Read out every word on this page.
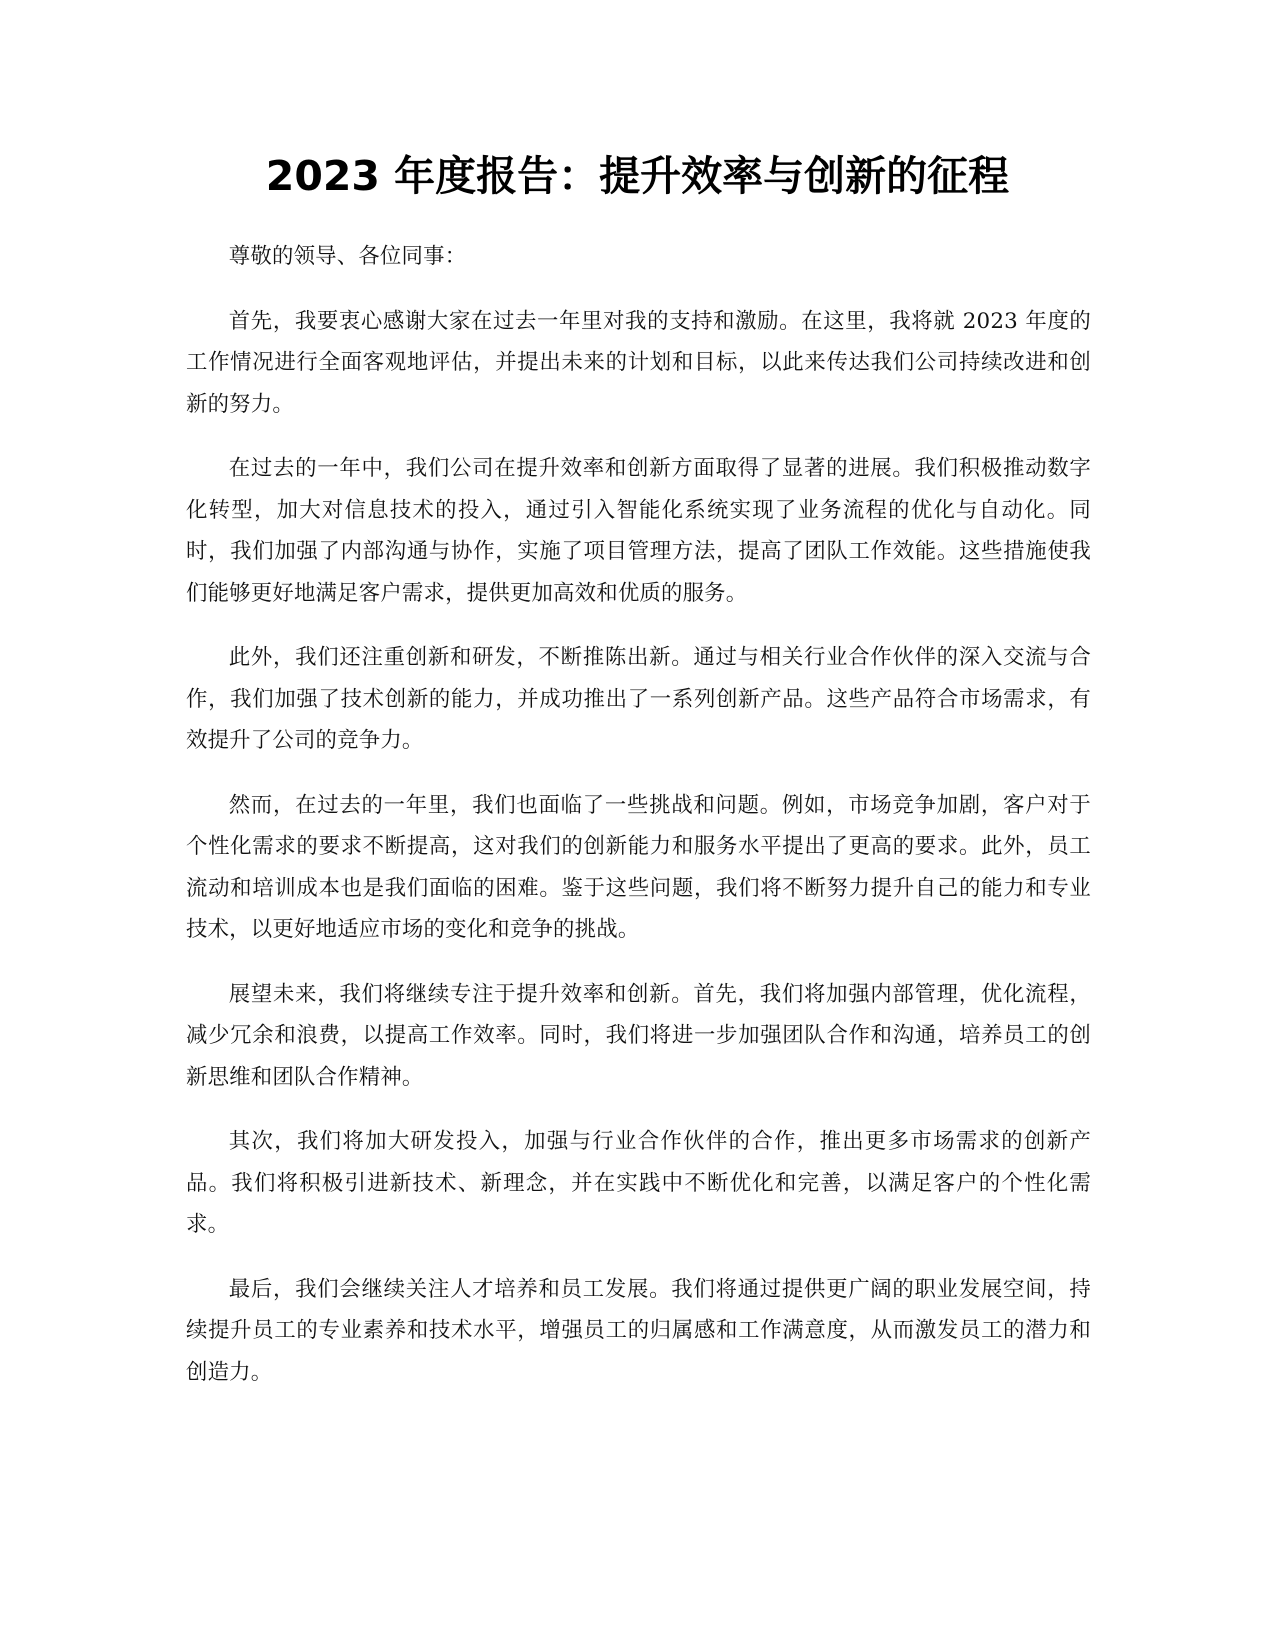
2023 年度报告：提升效率与创新的征程

尊敬的领导、各位同事：

首先，我要衷心感谢大家在过去一年里对我的支持和激励。在这里，我将就 2023 年度的工作情况进行全面客观地评估，并提出未来的计划和目标，以此来传达我们公司持续改进和创新的努力。

在过去的一年中，我们公司在提升效率和创新方面取得了显著的进展。我们积极推动数字化转型，加大对信息技术的投入，通过引入智能化系统实现了业务流程的优化与自动化。同时，我们加强了内部沟通与协作，实施了项目管理方法，提高了团队工作效能。这些措施使我们能够更好地满足客户需求，提供更加高效和优质的服务。

此外，我们还注重创新和研发，不断推陈出新。通过与相关行业合作伙伴的深入交流与合作，我们加强了技术创新的能力，并成功推出了一系列创新产品。这些产品符合市场需求，有效提升了公司的竞争力。

然而，在过去的一年里，我们也面临了一些挑战和问题。例如，市场竞争加剧，客户对于个性化需求的要求不断提高，这对我们的创新能力和服务水平提出了更高的要求。此外，员工流动和培训成本也是我们面临的困难。鉴于这些问题，我们将不断努力提升自己的能力和专业技术，以更好地适应市场的变化和竞争的挑战。

展望未来，我们将继续专注于提升效率和创新。首先，我们将加强内部管理，优化流程，减少冗余和浪费，以提高工作效率。同时，我们将进一步加强团队合作和沟通，培养员工的创新思维和团队合作精神。

其次，我们将加大研发投入，加强与行业合作伙伴的合作，推出更多市场需求的创新产品。我们将积极引进新技术、新理念，并在实践中不断优化和完善，以满足客户的个性化需求。

最后，我们会继续关注人才培养和员工发展。我们将通过提供更广阔的职业发展空间，持续提升员工的专业素养和技术水平，增强员工的归属感和工作满意度，从而激发员工的潜力和创造力。
